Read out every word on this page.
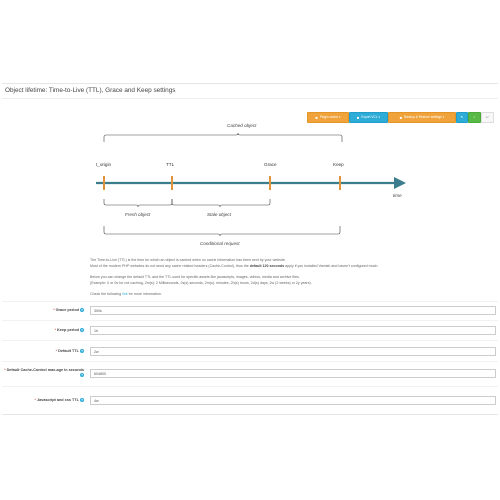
Object lifetime: Time-to-Live (TTL), Grace and Keep settings
■ Plugin cache ▾	■ Export VCL ▾	■ Backup & Restore settings ▾	↻	✓	↩
Cached object
t_origin	TTL	Grace	Keep
time
Fresh object	Stale object
Conditional request
The Time-to-Live (TTL) is the time for which an object is cached when no cache information has been sent by your website.
Most of the modern PHP websites do not send any cache related headers (Cache-Control), thus the default 120 seconds apply if you installed Varnish and haven't configured much.
Below you can change the default TTL and the TTL used for specific assets like javascripts, images, videos, media and archive files.
(Example: 0 or 0s for not caching, 2m(s): 2 Milliseconds, 2s(s) seconds, 2m(s): minutes, 2h(s) hours, 2d(s) days, 2w (2 weeks) or 2y years).
Check the following link for more information.
*Grace period ?
300s
*Keep period ?
1h
*Default TTL ?
2w
*Default Cache-Control max-age in seconds?
604800
*Javascript and css TTL ?
4w
